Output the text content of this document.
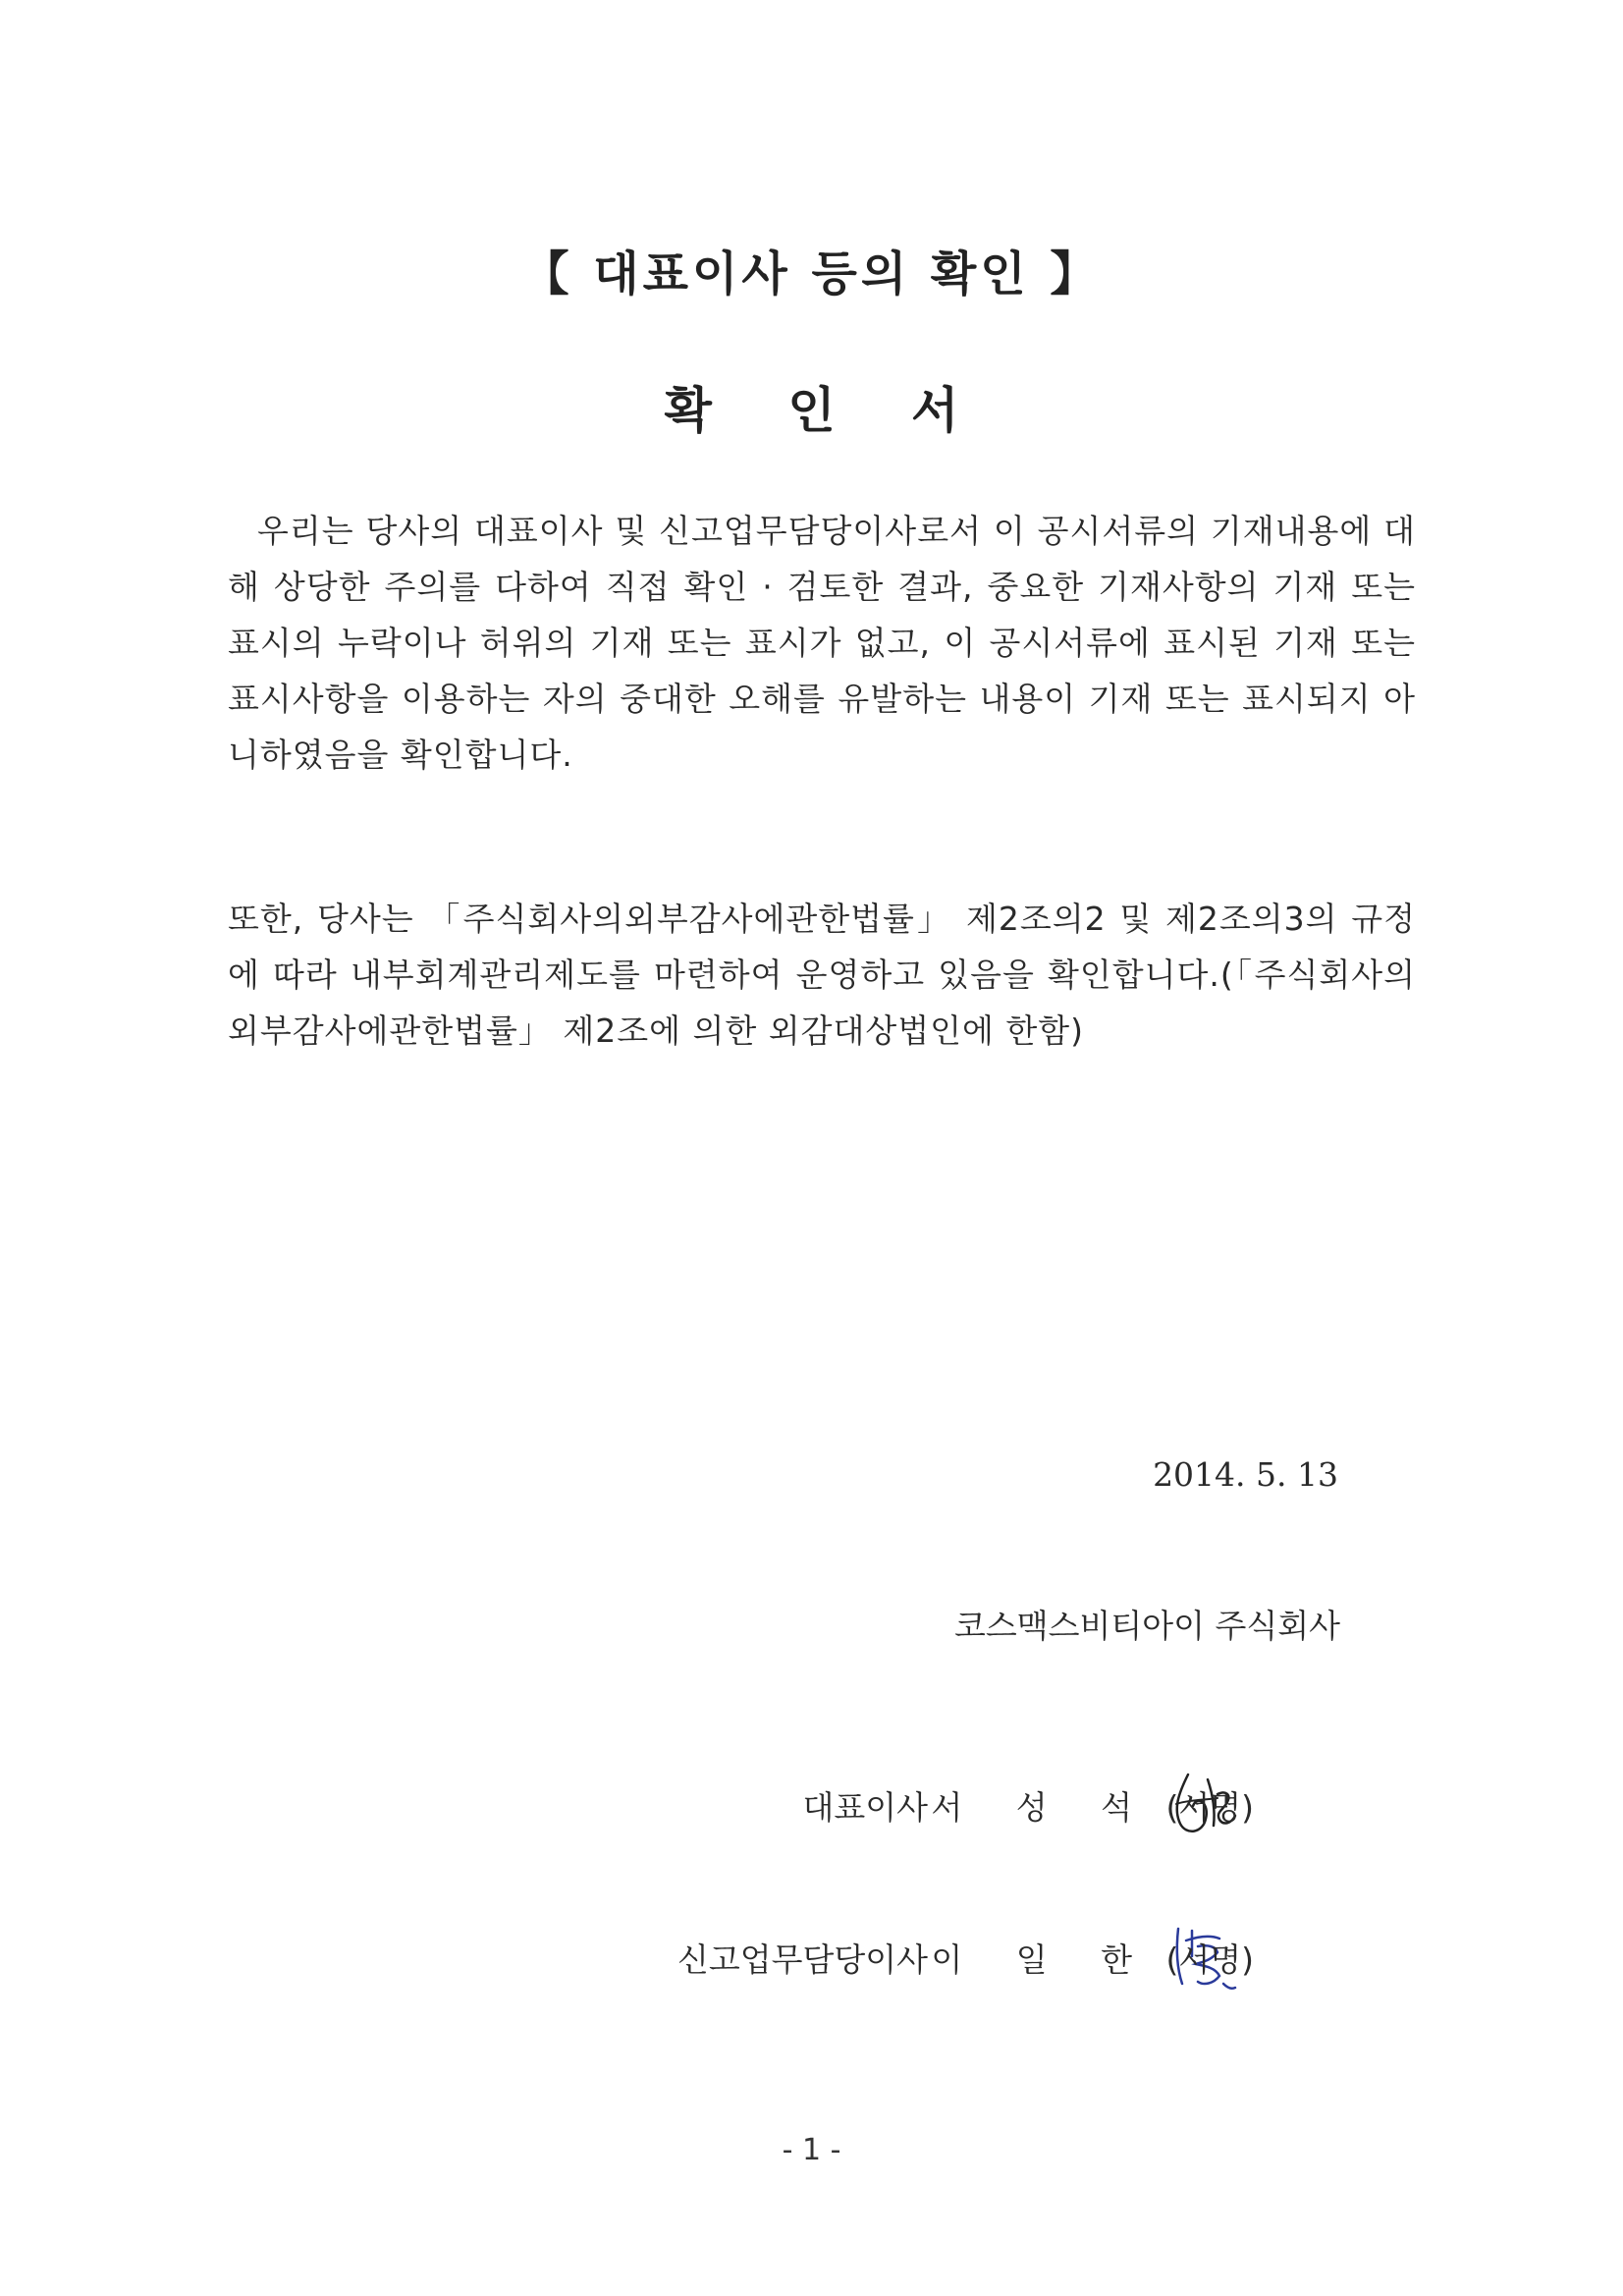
【 대표이사 등의 확인 】
확 인 서
우리는 당사의 대표이사 및 신고업무담당이사로서 이 공시서류의 기재내용에 대해 상당한 주의를 다하여 직접 확인 · 검토한 결과, 중요한 기재사항의 기재 또는 표시의 누락이나 허위의 기재 또는 표시가 없고, 이 공시서류에 표시된 기재 또는 표시사항을 이용하는 자의 중대한 오해를 유발하는 내용이 기재 또는 표시되지 아니하였음을 확인합니다.
또한, 당사는 「주식회사의외부감사에관한법률」 제2조의2 및 제2조의3의 규정에 따라 내부회계관리제도를 마련하여 운영하고 있음을 확인합니다.(「주식회사의외부감사에관한법률」 제2조에 의한 외감대상법인에 한함)
2014. 5. 13
코스맥스비티아이 주식회사
대표이사 서 성 석 (서명)
신고업무담당이사 이 일 한 (서명)
- 1 -
